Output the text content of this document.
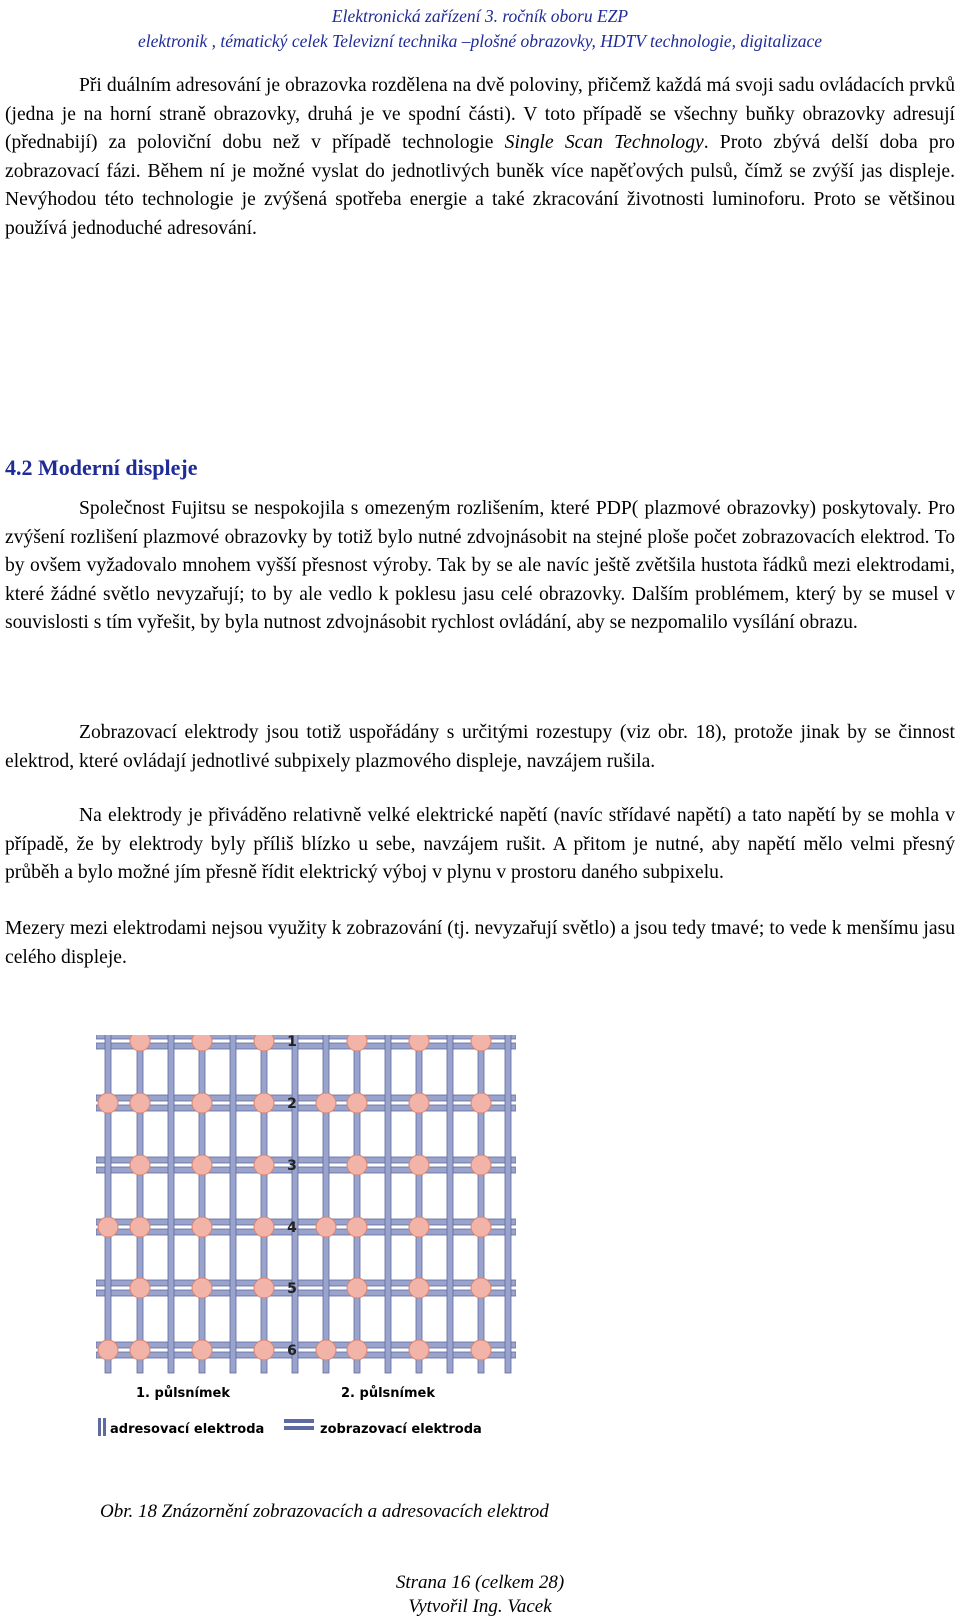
Elektronická zařízení 3. ročník oboru EZP
elektronik , tématický celek Televizní technika –plošné obrazovky, HDTV technologie, digitalizace

Při duálním adresování je obrazovka rozdělena na dvě poloviny, přičemž každá má svoji sadu ovládacích prvků (jedna je na horní straně obrazovky, druhá je ve spodní části). V toto případě se všechny buňky obrazovky adresují (přednabijí) za poloviční dobu než v případě technologie Single Scan Technology. Proto zbývá delší doba pro zobrazovací fázi. Během ní je možné vyslat do jednotlivých buněk více napěťových pulsů, čímž se zvýší jas displeje. Nevýhodou této technologie je zvýšená spotřeba energie a také zkracování životnosti luminoforu. Proto se většinou používá jednoduché adresování.

4.2 Moderní displeje

Společnost Fujitsu se nespokojila s omezeným rozlišením, které PDP( plazmové obrazovky) poskytovaly. Pro zvýšení rozlišení plazmové obrazovky by totiž bylo nutné zdvojnásobit na stejné ploše počet zobrazovacích elektrod. To by ovšem vyžadovalo mnohem vyšší přesnost výroby. Tak by se ale navíc ještě zvětšila hustota řádků mezi elektrodami, které žádné světlo nevyzařují; to by ale vedlo k poklesu jasu celé obrazovky. Dalším problémem, který by se musel v souvislosti s tím vyřešit, by byla nutnost zdvojnásobit rychlost ovládání, aby se nezpomalilo vysílání obrazu.

Zobrazovací elektrody jsou totiž uspořádány s určitými rozestupy (viz obr. 18), protože jinak by se činnost elektrod, které ovládají jednotlivé subpixely plazmového displeje, navzájem rušila.

Na elektrody je přiváděno relativně velké elektrické napětí (navíc střídavé napětí) a tato napětí by se mohla v případě, že by elektrody byly příliš blízko u sebe, navzájem rušit. A přitom je nutné, aby napětí mělo velmi přesný průběh a bylo možné jím přesně řídit elektrický výboj v plynu v prostoru daného subpixelu.

Mezery mezi elektrodami nejsou využity k zobrazování (tj. nevyzařují světlo) a jsou tedy tmavé; to vede k menšímu jasu celého displeje.

1
2
3
4
5
6
1. půlsnímek	2. půlsnímek
adresovací elektroda	zobrazovací elektroda
Obr. 18 Znázornění zobrazovacích a adresovacích elektrod
Strana 16 (celkem 28)
Vytvořil Ing. Vacek
